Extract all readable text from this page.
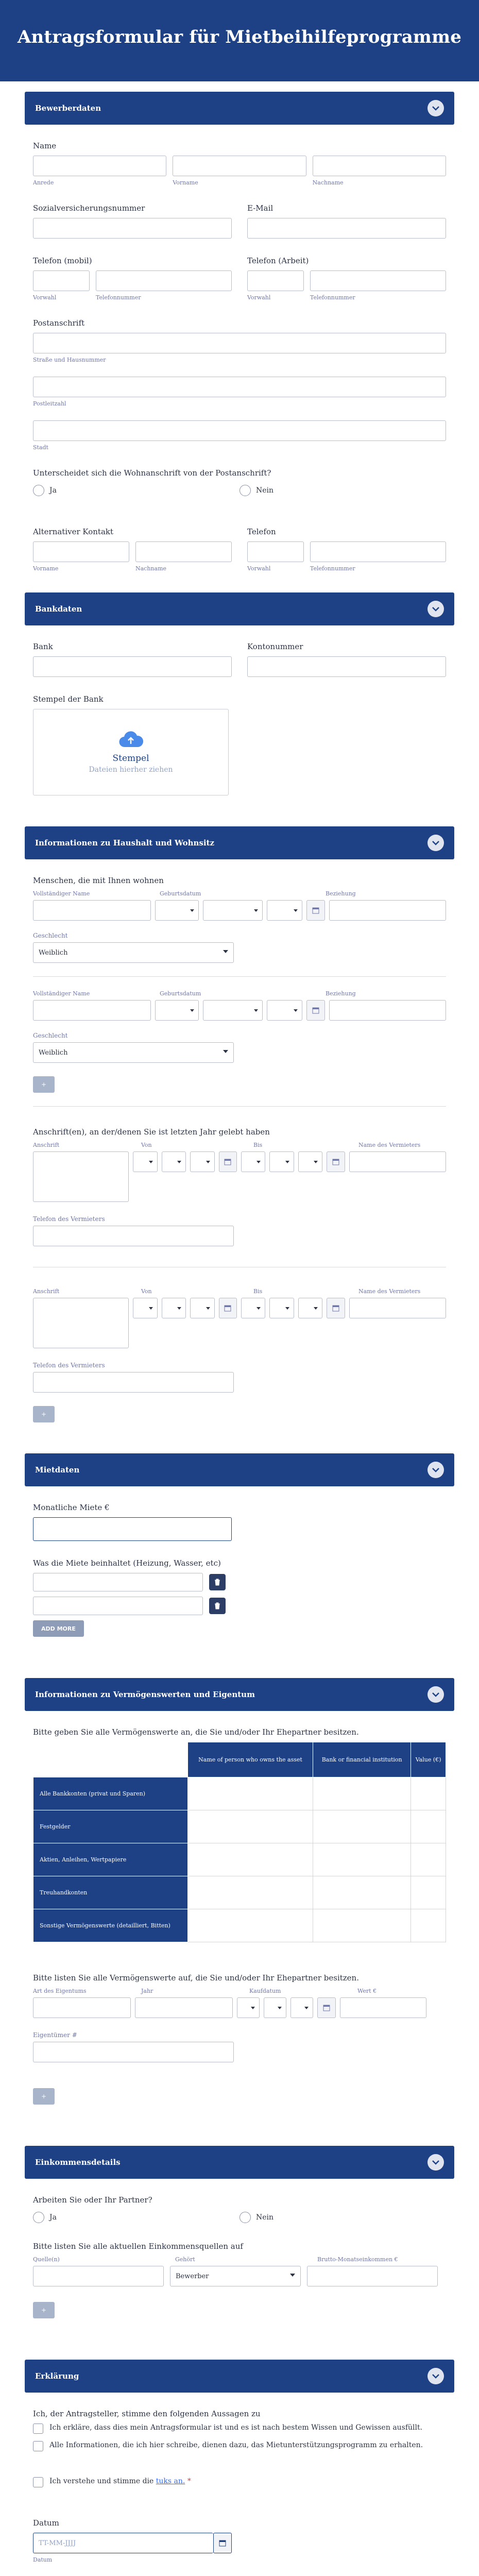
Antragsformular für Mietbeihilfeprogramme
Bewerberdaten
Name
Anrede	Vorname	Nachname
Sozialversicherungsnummer	E-Mail
Telefon (mobil)
Vorwahl	Telefonnummer
Telefon (Arbeit)
Vorwahl	Telefonnummer
Postanschrift
Straße und Hausnummer
Postleitzahl
Stadt
Unterscheidet sich die Wohnanschrift von der Postanschrift?
Ja	Nein
Alternativer Kontakt
Vorname	Nachname
Telefon
Vorwahl	Telefonnummer
Bankdaten
Bank	Kontonummer
Stempel der Bank
Stempel
Dateien hierher ziehen
Informationen zu Haushalt und Wohnsitz
Menschen, die mit Ihnen wohnen
Vollständiger Name	Geburtsdatum	Beziehung
Geschlecht
Weiblich
Vollständiger Name	Geburtsdatum	Beziehung
Geschlecht
Weiblich
+
Anschrift(en), an der/denen Sie ist letzten Jahr gelebt haben
Anschrift	Von	Bis	Name des Vermieters
Telefon des Vermieters
Anschrift	Von	Bis	Name des Vermieters
Telefon des Vermieters
+
Mietdaten
Monatliche Miete €
Was die Miete beinhaltet (Heizung, Wasser, etc)
ADD MORE
Informationen zu Vermögenswerten und Eigentum
Bitte geben Sie alle Vermögenswerte an, die Sie und/oder Ihr Ehepartner besitzen.
	Name of person who owns the asset	Bank or financial institution	Value (€)
Alle Bankkonten (privat und Sparen)			
Festgelder			
Aktien, Anleihen, Wertpapiere			
Treuhandkonten			
Sonstige Vermögenswerte (detailliert, Bitten)			
Bitte listen Sie alle Vermögenswerte auf, die Sie und/oder Ihr Ehepartner besitzen.
Art des Eigentums	Jahr	Kaufdatum	Wert €
Eigentümer #
+
Einkommensdetails
Arbeiten Sie oder Ihr Partner?
Ja	Nein
Bitte listen Sie alle aktuellen Einkommensquellen auf
Quelle(n)	Gehört	Brutto-Monatseinkommen €
Bewerber
+
Erklärung
Ich, der Antragsteller, stimme den folgenden Aussagen zu
Ich erkläre, dass dies mein Antragsformular ist und es ist nach bestem Wissen und Gewissen ausfüllt.
Alle Informationen, die ich hier schreibe, dienen dazu, das Mietunterstützungsprogramm zu erhalten.
Ich verstehe und stimme die tuks an. *
Datum
TT-MM-JJJJ
Datum
